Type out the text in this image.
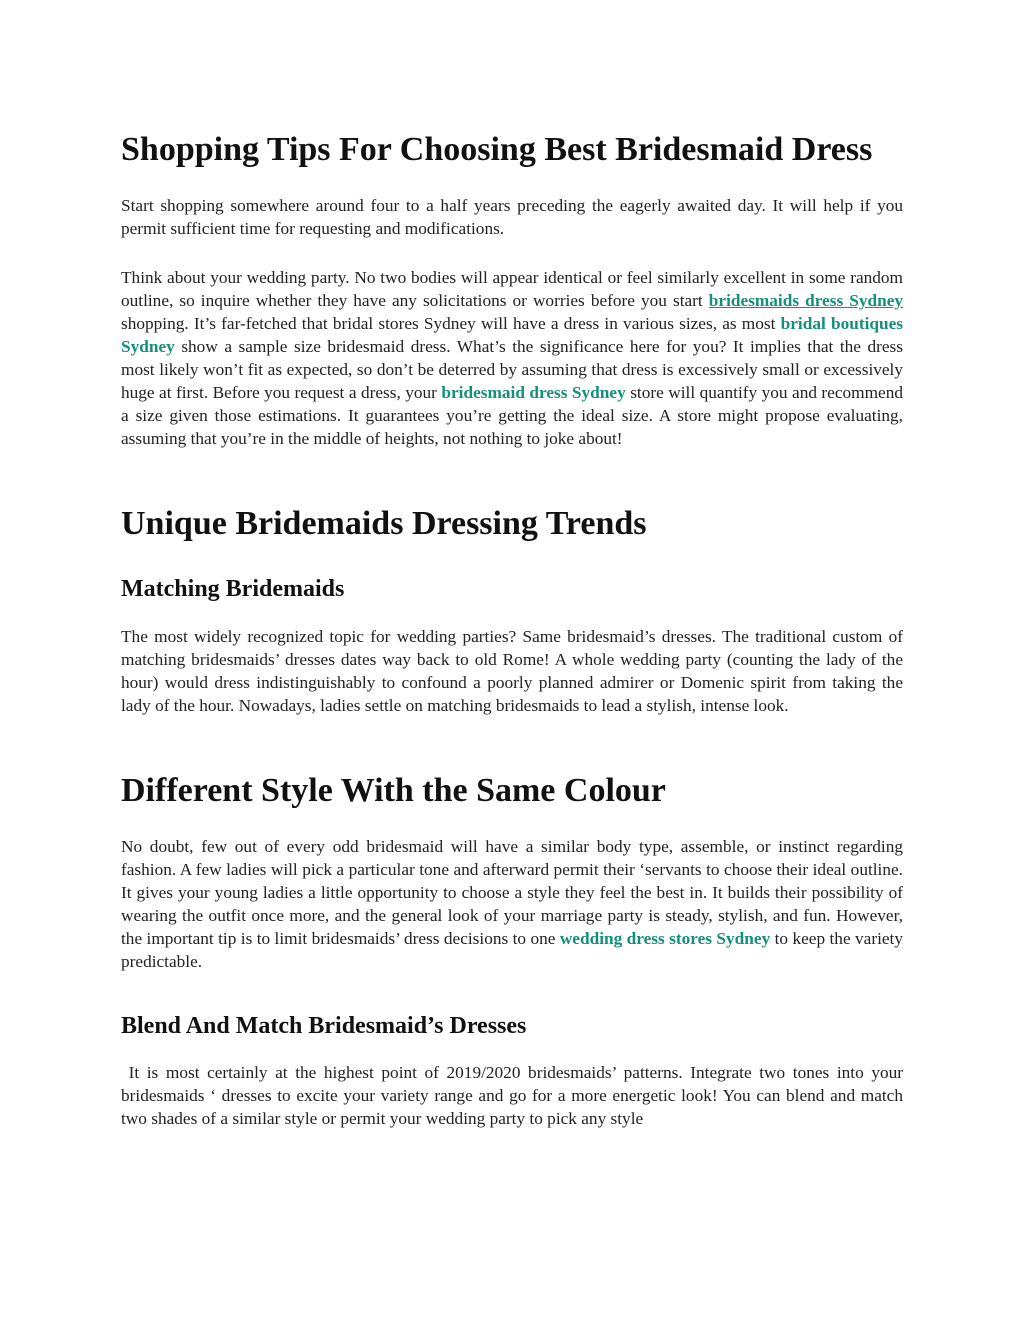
Shopping Tips For Choosing Best Bridesmaid Dress

Start shopping somewhere around four to a half years preceding the eagerly awaited day. It will help if you permit sufficient time for requesting and modifications.

Think about your wedding party. No two bodies will appear identical or feel similarly excellent in some random outline, so inquire whether they have any solicitations or worries before you start bridesmaids dress Sydney shopping. It’s far-fetched that bridal stores Sydney will have a dress in various sizes, as most bridal boutiques Sydney show a sample size bridesmaid dress. What’s the significance here for you? It implies that the dress most likely won’t fit as expected, so don’t be deterred by assuming that dress is excessively small or excessively huge at first. Before you request a dress, your bridesmaid dress Sydney store will quantify you and recommend a size given those estimations. It guarantees you’re getting the ideal size. A store might propose evaluating, assuming that you’re in the middle of heights, not nothing to joke about!

Unique Bridemaids Dressing Trends
Matching Bridemaids

The most widely recognized topic for wedding parties? Same bridesmaid’s dresses. The traditional custom of matching bridesmaids’ dresses dates way back to old Rome! A whole wedding party (counting the lady of the hour) would dress indistinguishably to confound a poorly planned admirer or Domenic spirit from taking the lady of the hour. Nowadays, ladies settle on matching bridesmaids to lead a stylish, intense look.

Different Style With the Same Colour

No doubt, few out of every odd bridesmaid will have a similar body type, assemble, or instinct regarding fashion. A few ladies will pick a particular tone and afterward permit their ‘servants to choose their ideal outline. It gives your young ladies a little opportunity to choose a style they feel the best in. It builds their possibility of wearing the outfit once more, and the general look of your marriage party is steady, stylish, and fun. However, the important tip is to limit bridesmaids’ dress decisions to one wedding dress stores Sydney to keep the variety predictable.

Blend And Match Bridesmaid’s Dresses

It is most certainly at the highest point of 2019/2020 bridesmaids’ patterns. Integrate two tones into your bridesmaids ‘ dresses to excite your variety range and go for a more energetic look! You can blend and match two shades of a similar style or permit your wedding party to pick any style
